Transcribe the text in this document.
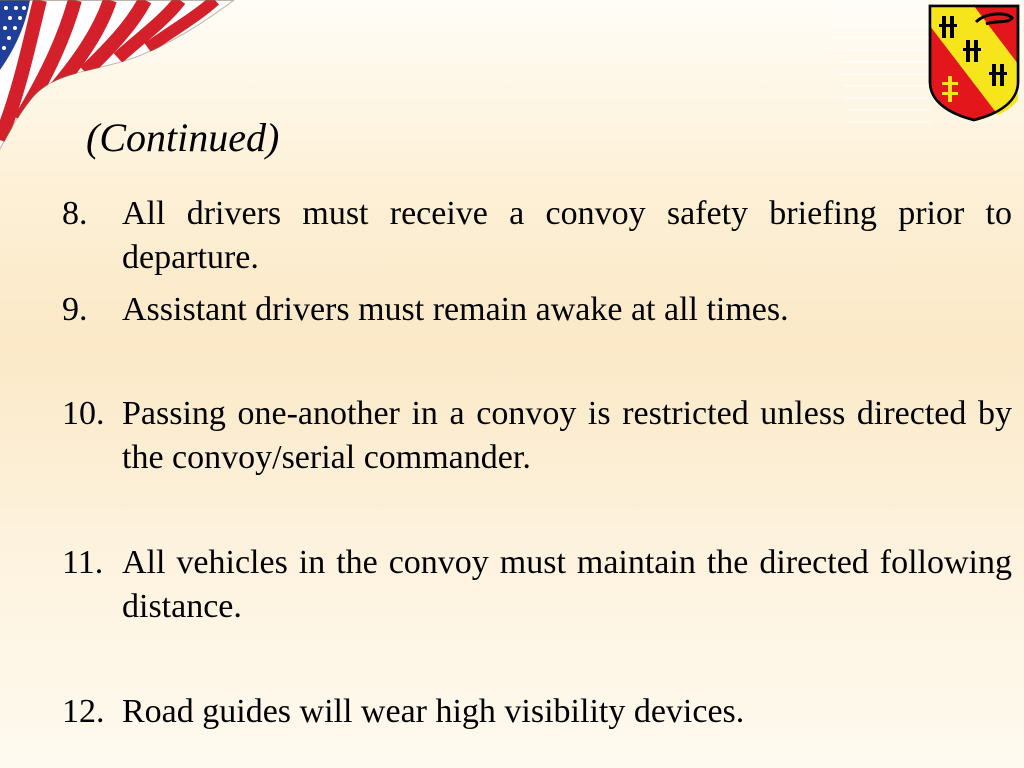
(Continued)
8.	All drivers must receive a convoy safety briefing prior to departure.
9.	Assistant drivers must remain awake at all times.
10. Passing one-another in a convoy is restricted unless directed by the convoy/serial commander.
11. All vehicles in the convoy must maintain the directed following distance.
12. Road guides will wear high visibility devices.
